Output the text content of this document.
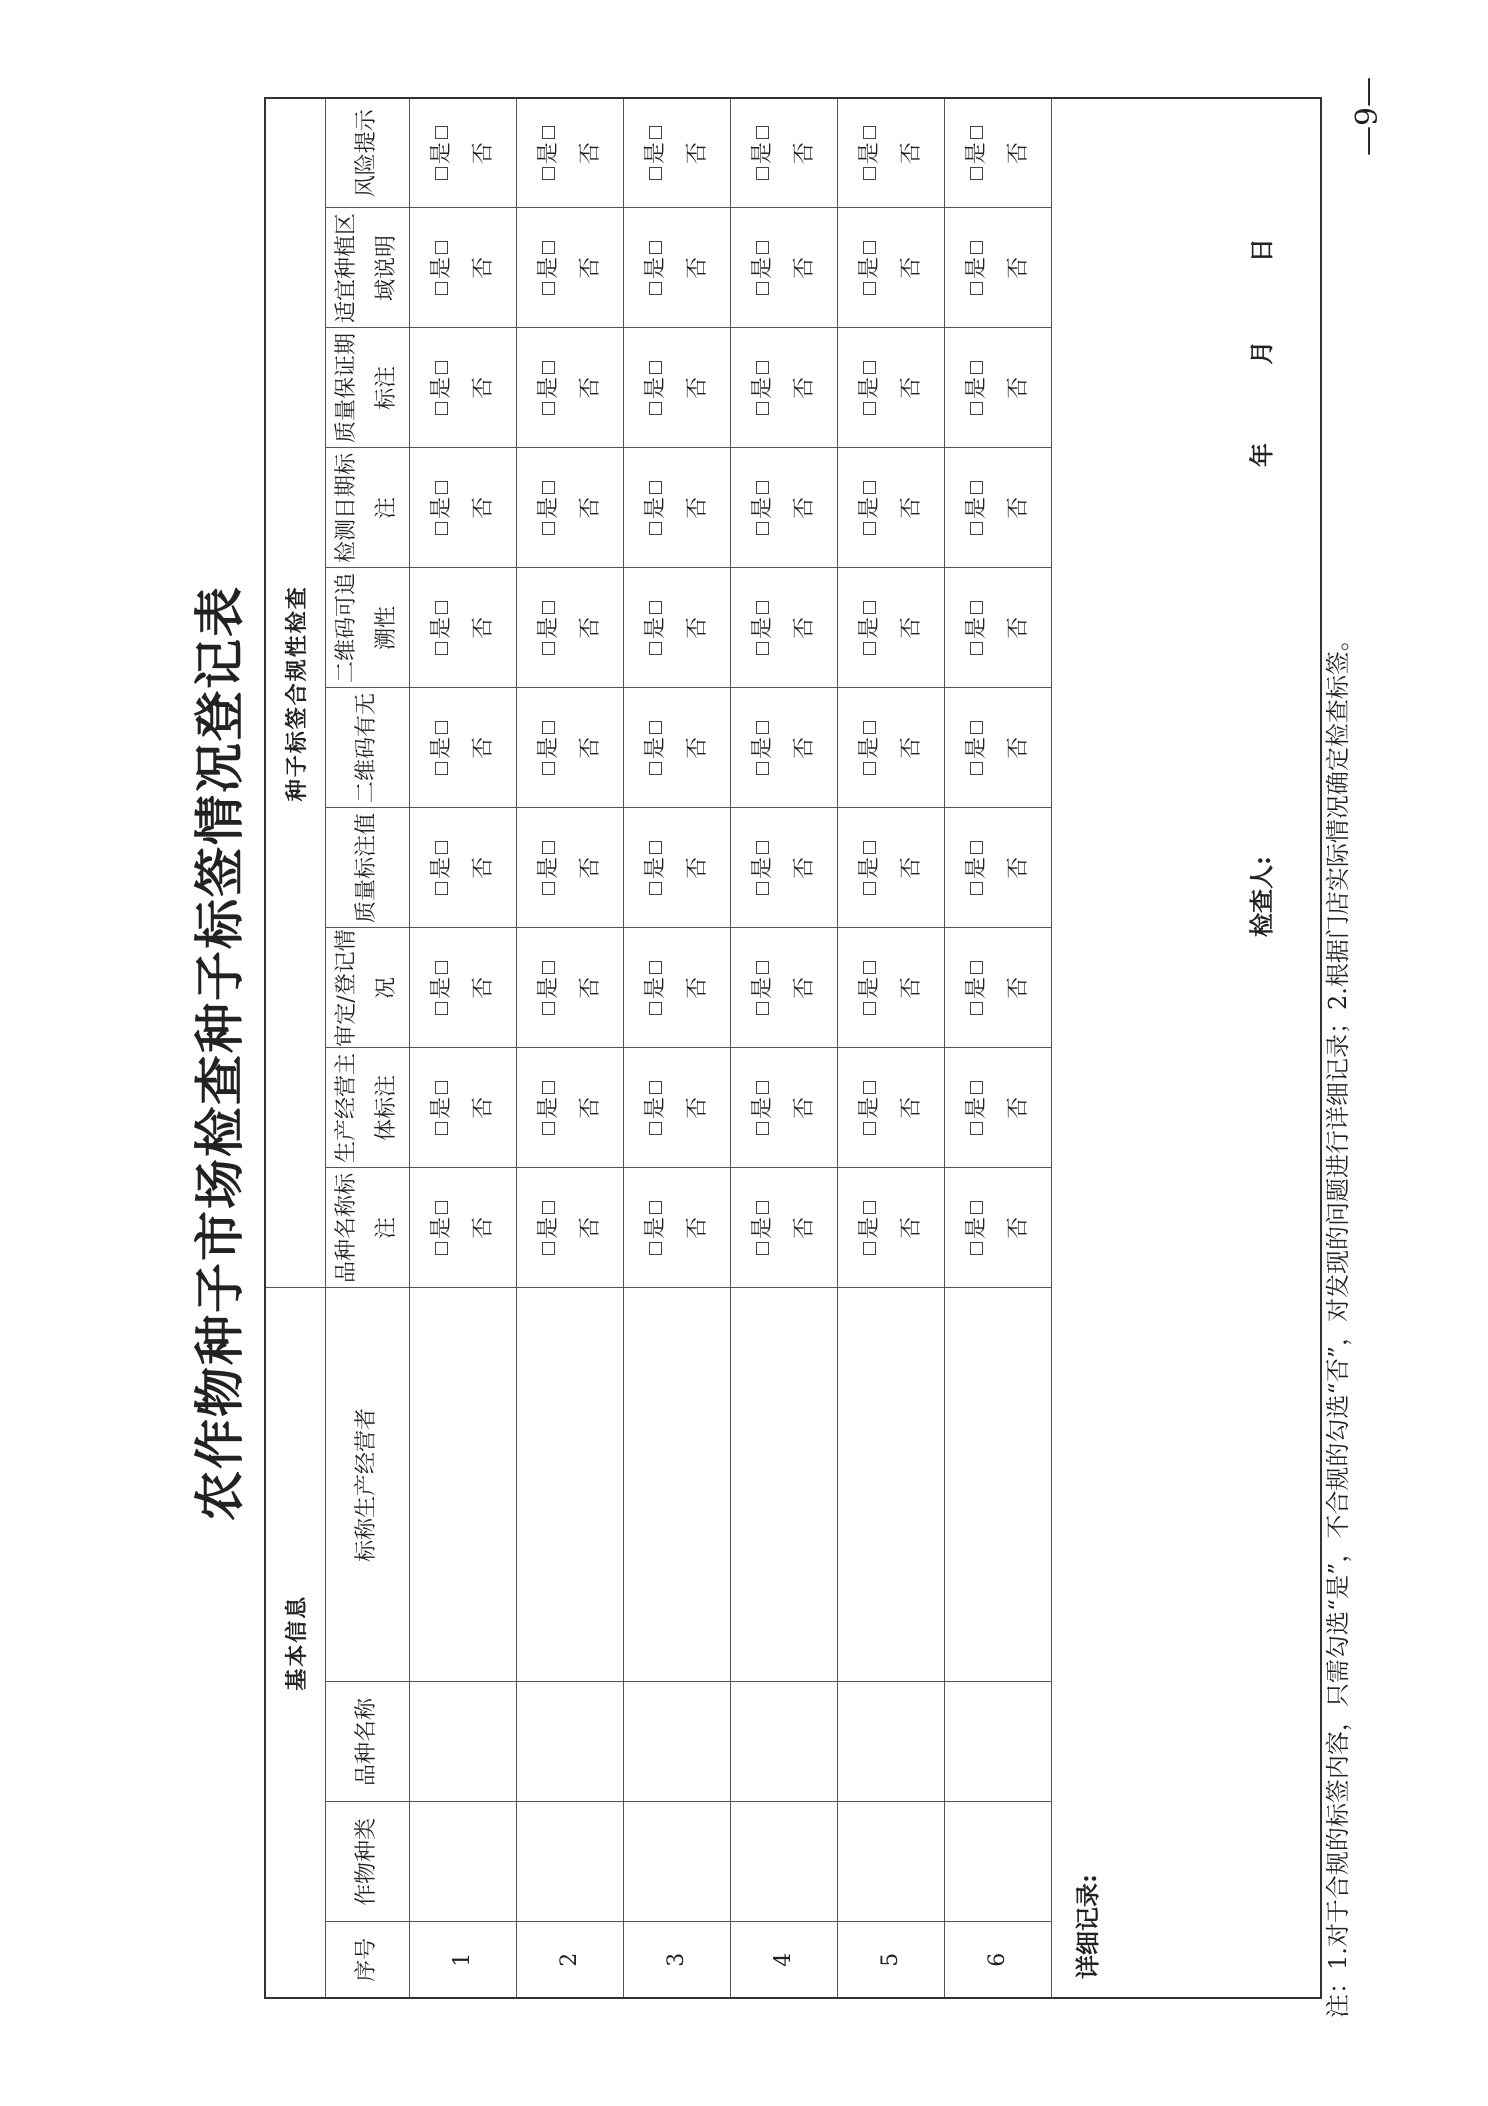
农作物种子市场检查种子标签情况登记表
基本信息				种子标签合规性检查									
序号	作物种类	品种名称	标称生产经营者	品种名称标注	生产经营主体标注	审定/登记情况	质量标注值	二维码有无	二维码可追溯性	检测日期标注	质量保证期标注	适宜种植区域说明	风险提示
1				是 否	是 否	是 否	是 否	是 否	是 否	是 否	是 否	是 否	是 否
2				是 否	是 否	是 否	是 否	是 否	是 否	是 否	是 否	是 否	是 否
3				是 否	是 否	是 否	是 否	是 否	是 否	是 否	是 否	是 否	是 否
4				是 否	是 否	是 否	是 否	是 否	是 否	是 否	是 否	是 否	是 否
5				是 否	是 否	是 否	是 否	是 否	是 否	是 否	是 否	是 否	是 否
6				是 否	是 否	是 否	是 否	是 否	是 否	是 否	是 否	是 否	是 否

详细记录:
检查人:
年 月 日													
注：1.对于合规的标签内容，只需勾选“是”，不合规的勾选“否”，对发现的问题进行详细记录；2.根据门店实际情况确定检查标签。
—9—
